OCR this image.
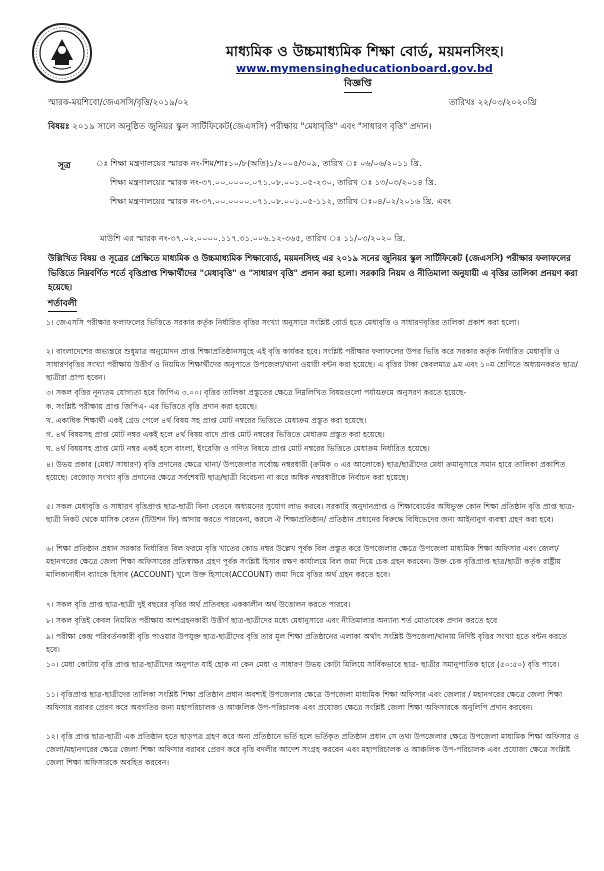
মাধ্যমিক ও উচ্চমাধ্যমিক শিক্ষা বোর্ড, ময়মনসিংহ।
www.mymensingheducationboard.gov.bd
বিজ্ঞপ্তি
স্মারক-ময়শিবো/জেএসসি/বৃত্তি/২০১৯/০২	তারিখঃ ২২/০৩/২০২০খ্রি
বিষয়ঃ ২০১৯ সালে অনুষ্ঠিত জুনিয়র স্কুল সার্টিফিকেট(জেএসসি) পরীক্ষায় "মেধাবৃত্তি" এবং "সাধারণ বৃত্তি" প্রদান।
সূত্র	ঃ শিক্ষা মন্ত্রণালয়ের স্মারক নং-শিম/শাঃ১০/৮(অতি)১/২০০৫/৩০৯, তারিখ ঃ ০৬/০৬/২০১১ খ্রি.
শিক্ষা মন্ত্রণালয়ের স্মারক নং-৩৭.০০.০০০০.০৭১.০৮.০০১.০৫-২৩০, তারিখ ঃ ১৩/০৩/২০১৪ খ্রি.
শিক্ষা মন্ত্রণালয়ের স্মারক নং-৩৭.০০.০০০০.০৭১.০৮.০০১.০৫-১১২, তারিখ ঃ০৪/০২/২০১৬ খ্রি. এবং
মাউশি এর স্মারক নং-৩৭.০২.০০০০.১১৭.৩১.০০৬.১২-৩৬৫, তারিখ ঃ ১১/০৩/২০২০ খ্রি.
উল্লিখিত বিষয় ও সূত্রের প্রেক্ষিতে মাধ্যমিক ও উচ্চমাধ্যমিক শিক্ষাবোর্ড, ময়মনসিংহ এর ২০১৯ সনের জুনিয়র স্কুল সার্টিফিকেট (জেএসসি) পরীক্ষার ফলাফলের ভিত্তিতে নিম্নবর্ণিত শর্তে বৃত্তিপ্রাপ্ত শিক্ষার্থীদের "মেধাবৃত্তি" ও "সাধারণ বৃত্তি" প্রদান করা হলো। সরকারি নিয়ম ও নীতিমালা অনুযায়ী এ বৃত্তির তালিকা প্রনয়ণ করা হয়েছে।
শর্তাবলী

১। জেএসসি পরীক্ষার ফলাফলের ভিত্তিতে সরকার কর্তৃক নির্ধারিত বৃত্তির সংখ্যা অনুসারে সংশ্লিষ্ট বোর্ড হতে মেধাবৃত্তি ও সাধারণবৃত্তির তালিকা প্রকাশ করা হলো।

২। বাংলাদেশের অভ্যন্তরে শুধুমাত্র অনুমোদন প্রাপ্ত শিক্ষাপ্রতিষ্ঠানসমূহে এই বৃত্তি কার্যকর হবে। সংশ্লিষ্ট পরীক্ষার ফলাফলের উপর ভিত্তি করে সরকার কর্তৃক নির্ধারিত মেধাবৃত্তি ও সাধারণবৃত্তির সংখ্যা পরীক্ষায় উত্তীর্ণ ও নিয়মিত শিক্ষার্থীদের অনুপাতে উপজেলা/থানা ওয়ারী বন্টন করা হয়েছে। এ বৃত্তির টাকা কেবলমাত্র ৯ম এবং ১০ম শ্রেণিতে অধ্যয়নকরত ছাত্র/ছাত্রীরা প্রাপ্য হবেন।

৩। সকল বৃত্তির নূন্যতম যোগ্যতা হবে জিপিএ ৩.০০। বৃত্তির তালিকা প্রস্তুতের ক্ষেত্রে নিম্নলিখিত বিষয়গুলো পর্যায়ক্রমে অনুসরণ করতে হয়েছে-

ক. সংশ্লিষ্ট পরীক্ষায় প্রাপ্ত জিপিএ- এর ভিত্তিতে বৃত্তি প্রদান করা হয়েছে।

খ. একাধিক শিক্ষার্থী একই গ্রেড পেলে ৪র্থ বিষয় সহ প্রাপ্ত মোট নম্বরের ভিত্তিতে মেধাক্রম প্রস্তুত করা হয়েছে।

গ. ৪র্থ বিষয়সহ প্রাপ্ত মোট নম্বর একই হলে ৪র্থ বিষয় বাদে প্রাপ্ত মোট নম্বরের ভিত্তিতে মেধাক্রম প্রস্তুত করা হয়েছে।

ঘ. ৪র্থ বিষয়সহ প্রাপ্ত মোট নম্বর একই হলে বাংলা, ইংরেজি ও গণিত বিষয়ে প্রাপ্ত মোট নম্বরের ভিত্তিতে মেধাক্রম নির্ধারিত হয়েছে।

৪। উভয় প্রকার (মেধা/ সাধারণ) বৃত্তি প্রদানের ক্ষেত্রে থানা/ উপজেলার সর্বোচ্চ নম্বরধারী (ক্রমিক ৩ এর আলোকে) ছাত্র/ছাত্রীদের মেধা ক্রমানুসারে সমান হারে তালিকা প্রকাশিত হয়েছে। বেজোড় সংখ্যা বৃত্তি প্রদানের ক্ষেত্রে সর্বশেষটি ছাত্র/ছাত্রী বিবেচনা না করে অধিক নম্বরধারীকে নির্বাচন করা হয়েছে।

৫। সকল মেধাবৃত্তি ও সাধারণ বৃত্তিপ্রাপ্ত ছাত্র-ছাত্রী বিনা বেতনে অধ্যয়নের সুযোগ লাভ করবে। সরকারি অনুদানপ্রাপ্ত ও শিক্ষাবোর্ডের অধিভূক্ত কোন শিক্ষা প্রতিষ্ঠান বৃত্তি প্রাপ্ত ছাত্র-ছাত্রী নিকট থেকে মাসিক বেতন (টিউশন ফি) আদায় করতে পারবেনা, করলে ঐ শিক্ষাপ্রতিষ্ঠান/ প্রতিষ্ঠান প্রধানের বিরুদ্ধে বিধিভেদের জন্য আইনানুগ ব্যবস্থা গ্রহণ করা হবে।

৬। শিক্ষা প্রতিষ্ঠান প্রধান সরকার নির্ধারিত বিল ফরমে বৃত্তি খাতের কোড নম্বর উল্লেখ পূর্বক বিল প্রস্তুত করে উপজেলার ক্ষেত্রে উপজেলা মাধ্যমিক শিক্ষা অফিসার এবং জেলা/মহানগরের ক্ষেত্রে জেলা শিক্ষা অফিসারের প্রতিস্বাক্ষর গ্রহণ পূর্বক সংশ্লিষ্ট হিসাব রক্ষণ কার্যালয়ে বিল জমা দিয়ে চেক গ্রহন করবেন। উক্ত চেক বৃত্তিপ্রাপ্ত ছাত্র/ছাত্রী কর্তৃক রাষ্ট্রীয় মালিকানাধীন ব্যাংকে হিসাব (ACCOUNT) খুলে উক্ত হিসাবে(ACCOUNT) জমা দিয়ে বৃত্তির অর্থ গ্রহন করতে হবে।

৭। সকল বৃত্তি প্রাপ্ত ছাত্র-ছাত্রী দুই বছরের বৃত্তির অর্থ প্রতিবছর এককালীন অর্থ উত্তোলন করতে পারবে।

৮। সকল বৃত্তিই কেবল নিয়মিত পরীক্ষায় অংশগ্রহনকারী উত্তীর্ণ ছাত্র-ছাত্রীদের মধ্যে মেধানুসারে এবং নীতিমালার অন্যান্য শর্ত মোতাবেক প্রদান করতে হবে

৯। পরীক্ষা কেন্দ্র পরিবর্তনকারী বৃত্তি পাওয়ার উপযুক্ত ছাত্র-ছাত্রীদের বৃত্তি তার মূল শিক্ষা প্রতিষ্ঠানের এলাকা অর্থাৎ সংশ্লিষ্ট উপজেলা/থানায় নির্দিষ্ট বৃত্তির সংখ্যা হতে বন্টন করতে হবে।

১০। মেধা কোটায় বৃত্তি প্রাপ্ত ছাত্র-ছাত্রীদের অনুপাত যাই হোক না কেন মেধা ও সাধারণ উভয় কোটা মিলিয়ে সার্বিকভাবে ছাত্র- ছাত্রীর সমানুপাতিক হারে (৫০:৫০) বৃত্তি পাবে।

১১। বৃত্তিপ্রাপ্ত ছাত্র-ছাত্রীদের তালিকা সংশ্লিষ্ট শিক্ষা প্রতিষ্ঠান প্রধান অবশ্যই উপজেলার ক্ষেত্রে উপজেলা মাধ্যমিক শিক্ষা অফিসার এবং জেলার / মহানগরের ক্ষেত্রে জেলা শিক্ষা অফিসার বরাবর প্রেরণ করে অবগতির জন্য মহাপরিচালক ও আঞ্চলিক উপ-পরিচালক এবং প্রযোজ্য ক্ষেত্রে সংশ্লিষ্ট জেলা শিক্ষা অফিসারকে অনুলিপি প্রদান করবেন।

১২। বৃত্তি প্রাপ্ত ছাত্র-ছাত্রী এক প্রতিষ্ঠান হতে ছাড়পত্র গ্রহণ করে অন্য প্রতিষ্ঠানে ভর্তি হলে ভর্তিকৃত প্রতিষ্ঠান প্রধান সে তথ্য উপজেলার ক্ষেত্রে উপজেলা মাধ্যমিক শিক্ষা অফিসার ও জেলা/মহানগরের ক্ষেত্রে জেলা শিক্ষা অফিসার বরাবর প্রেরণ করে বৃত্তি বদলীর আদেশ সংগ্রহ করবেন এবং মহাপরিচালক ও আঞ্চলিক উপ-পরিচালক এবং প্রযোজ্য ক্ষেত্রে সংশ্লিষ্ট জেলা শিক্ষা অফিসারকে অবহিত করবেন।
